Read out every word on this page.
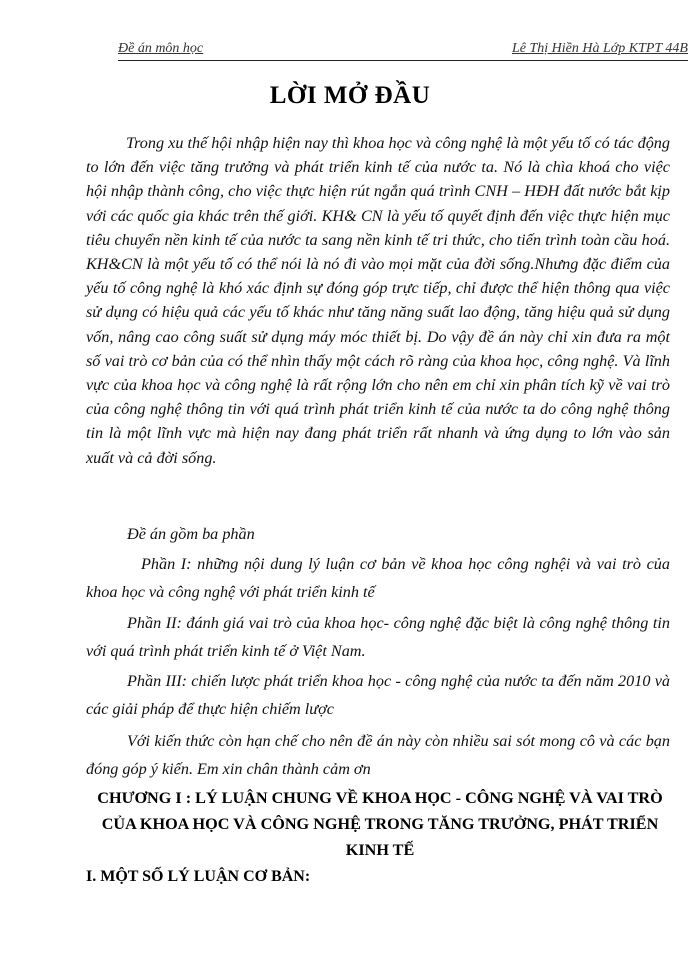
Đề án môn học	Lê Thị Hiền Hà Lớp KTPT 44B
LỜI MỞ ĐẦU

Trong xu thế hội nhập hiện nay thì khoa học và công nghệ là một yếu tố có tác động to lớn đến việc tăng trưởng và phát triển kinh tế của nước ta. Nó là chìa khoá cho việc hội nhập thành công, cho việc thực hiện rút ngắn quá trình CNH – HĐH đất nước bắt kịp với các quốc gia khác trên thế giới. KH& CN là yếu tố quyết định đến việc thực hiện mục tiêu chuyển nền kinh tế của nước ta sang nền kinh tế tri thức, cho tiến trình toàn cầu hoá. KH&CN là một yếu tố có thể nói là nó đi vào mọi mặt của đời sống.Nhưng đặc điểm của yếu tố công nghệ là khó xác định sự đóng góp trực tiếp, chỉ được thể hiện thông qua việc sử dụng có hiệu quả các yếu tố khác như tăng năng suất lao động, tăng hiệu quả sử dụng vốn, nâng cao công suất sử dụng máy móc thiết bị. Do vậy đề án này chỉ xin đưa ra một số vai trò cơ bản của có thể nhìn thấy một cách rõ ràng của khoa học, công nghệ. Và lĩnh vực của khoa học và công nghệ là rất rộng lớn cho nên em chỉ xin phân tích kỹ về vai trò của công nghệ thông tin với quá trình phát triển kinh tế của nước ta do công nghệ thông tin là một lĩnh vực mà hiện nay đang phát triển rất nhanh và ứng dụng to lớn vào sản xuất và cả đời sống.

Đề án gồm ba phần

Phần I: những nội dung lý luận cơ bản về khoa học công nghệi và vai trò của khoa học và công nghệ với phát triển kinh tế

Phần II: đánh giá vai trò của khoa học- công nghệ đặc biệt là công nghệ thông tin với quá trình phát triển kinh tế ở Việt Nam.

Phần III: chiến lược phát triển khoa học - công nghệ của nước ta đến năm 2010 và các giải pháp để thực hiện chiếm lược

Với kiến thức còn hạn chế cho nên đề án này còn nhiều sai sót mong cô và các bạn đóng góp ý kiến. Em xin chân thành cảm ơn

CHƯƠNG I : LÝ LUẬN CHUNG VỀ KHOA HỌC - CÔNG NGHỆ VÀ VAI TRÒ CỦA KHOA HỌC VÀ CÔNG NGHỆ TRONG TĂNG TRƯỞNG, PHÁT TRIỂN KINH TẾ
I. MỘT SỐ LÝ LUẬN CƠ BẢN:
